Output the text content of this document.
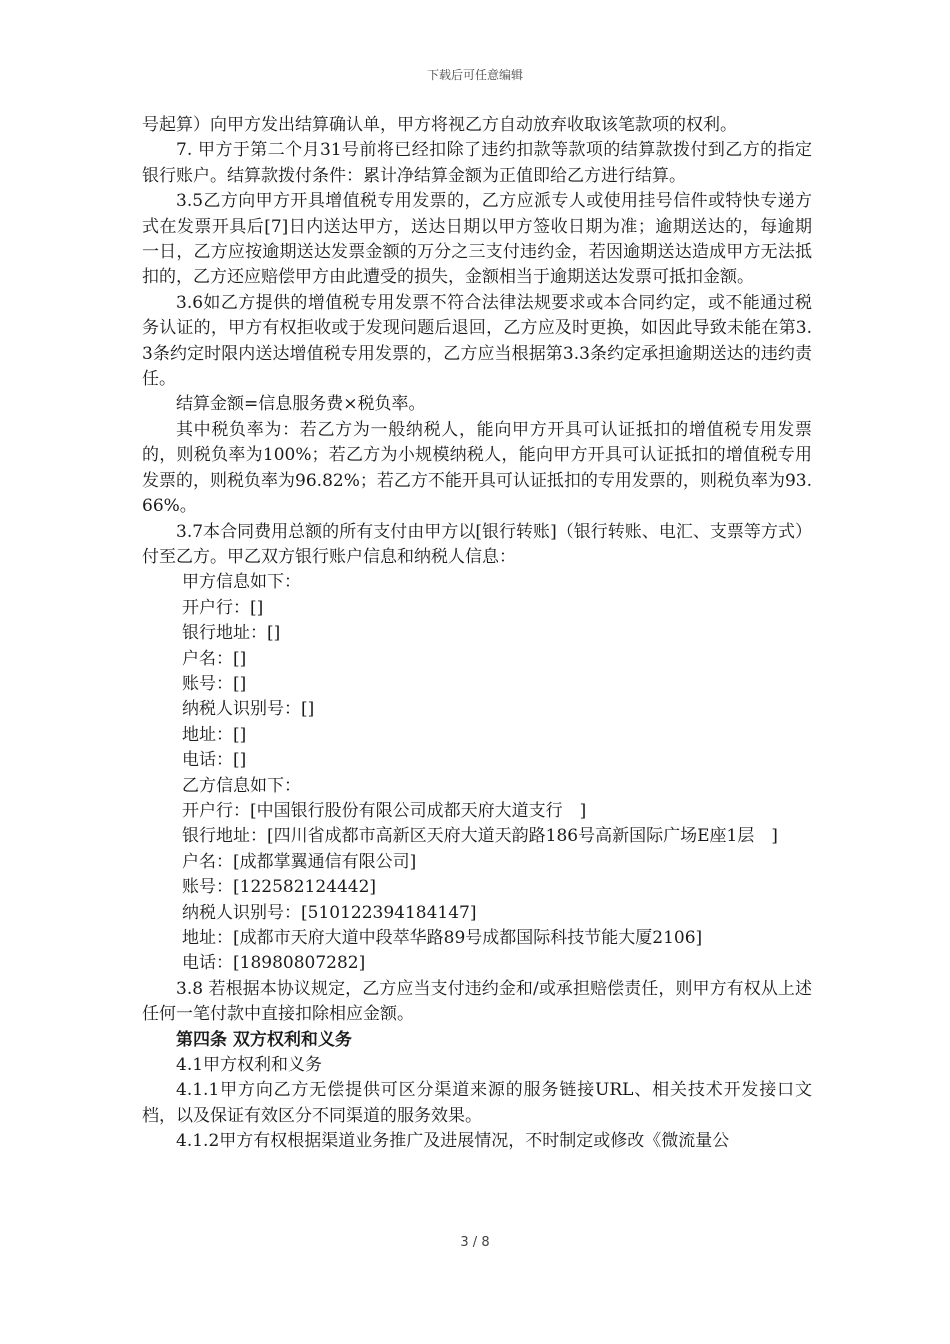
下载后可任意编辑

号起算）向甲方发出结算确认单，甲方将视乙方自动放弃收取该笔款项的权利。

7. 甲方于第二个月31号前将已经扣除了违约扣款等款项的结算款拨付到乙方的指定银行账户。结算款拨付条件：累计净结算金额为正值即给乙方进行结算。

3.5乙方向甲方开具增值税专用发票的，乙方应派专人或使用挂号信件或特快专递方式在发票开具后[7]日内送达甲方，送达日期以甲方签收日期为准；逾期送达的，每逾期一日，乙方应按逾期送达发票金额的万分之三支付违约金，若因逾期送达造成甲方无法抵扣的，乙方还应赔偿甲方由此遭受的损失，金额相当于逾期送达发票可抵扣金额。

3.6如乙方提供的增值税专用发票不符合法律法规要求或本合同约定，或不能通过税务认证的，甲方有权拒收或于发现问题后退回，乙方应及时更换，如因此导致未能在第3.3条约定时限内送达增值税专用发票的，乙方应当根据第3.3条约定承担逾期送达的违约责任。

结算金额=信息服务费×税负率。

其中税负率为：若乙方为一般纳税人，能向甲方开具可认证抵扣的增值税专用发票的，则税负率为100%；若乙方为小规模纳税人，能向甲方开具可认证抵扣的增值税专用发票的，则税负率为96.82%；若乙方不能开具可认证抵扣的专用发票的，则税负率为93.66%。

3.7本合同费用总额的所有支付由甲方以[银行转账]（银行转账、电汇、支票等方式）付至乙方。甲乙双方银行账户信息和纳税人信息：

甲方信息如下：

开户行：[]

银行地址：[]

户名：[]

账号：[]

纳税人识别号：[]

地址：[]

电话：[]

乙方信息如下：

开户行：[中国银行股份有限公司成都天府大道支行　]

银行地址：[四川省成都市高新区天府大道天韵路186号高新国际广场E座1层　]

户名：[成都掌翼通信有限公司]

账号：[122582124442]

纳税人识别号：[510122394184147]

地址：[成都市天府大道中段萃华路89号成都国际科技节能大厦2106]

电话：[18980807282]

3.8 若根据本协议规定，乙方应当支付违约金和/或承担赔偿责任，则甲方有权从上述任何一笔付款中直接扣除相应金额。

第四条 双方权利和义务

4.1甲方权利和义务

4.1.1甲方向乙方无偿提供可区分渠道来源的服务链接URL、相关技术开发接口文档，以及保证有效区分不同渠道的服务效果。

4.1.2甲方有权根据渠道业务推广及进展情况，不时制定或修改《微流量公

3 / 8
